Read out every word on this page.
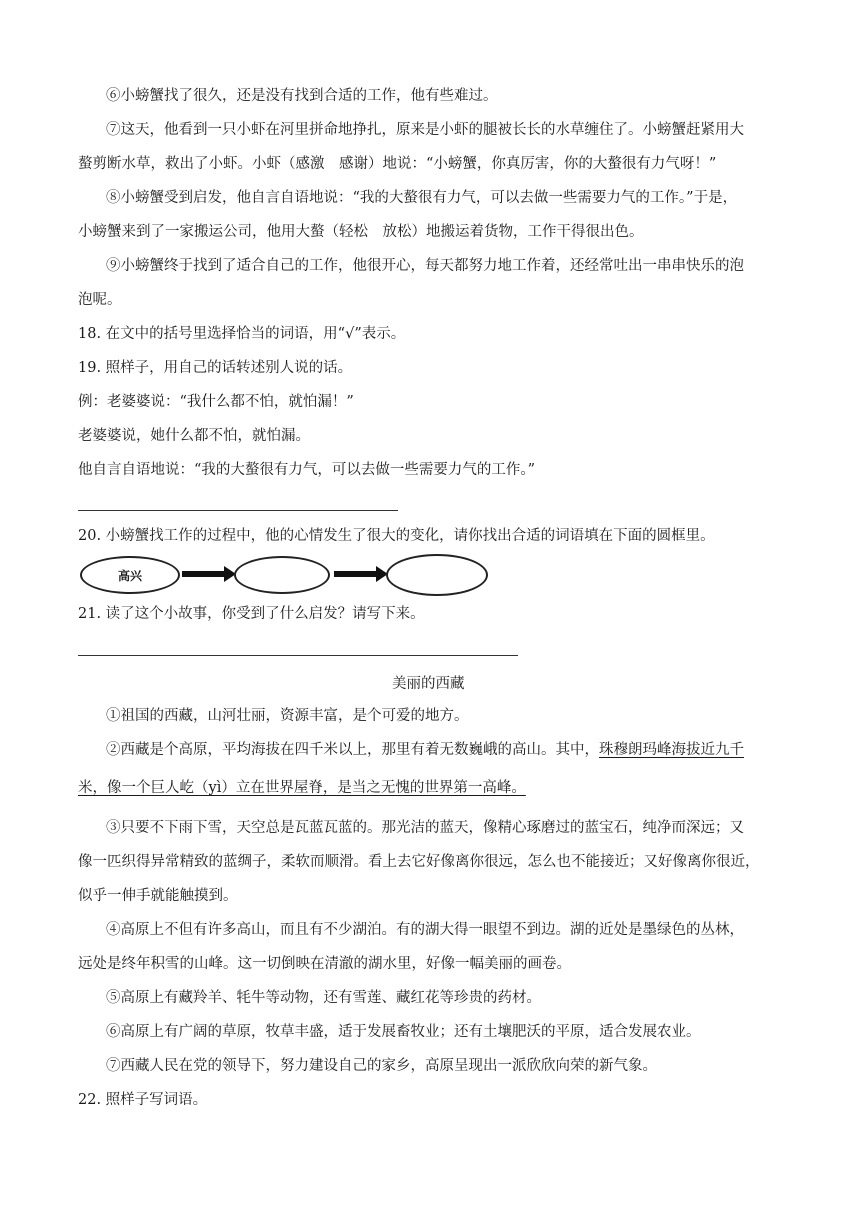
⑥小螃蟹找了很久，还是没有找到合适的工作，他有些难过。
⑦这天，他看到一只小虾在河里拼命地挣扎，原来是小虾的腿被长长的水草缠住了。小螃蟹赶紧用大
螯剪断水草，救出了小虾。小虾（感激　感谢）地说：“小螃蟹，你真厉害，你的大螯很有力气呀！”
⑧小螃蟹受到启发，他自言自语地说：“我的大螯很有力气，可以去做一些需要力气的工作。”于是，
小螃蟹来到了一家搬运公司，他用大螯（轻松　放松）地搬运着货物，工作干得很出色。
⑨小螃蟹终于找到了适合自己的工作，他很开心，每天都努力地工作着，还经常吐出一串串快乐的泡
泡呢。
18. 在文中的括号里选择恰当的词语，用“√”表示。
19. 照样子，用自己的话转述别人说的话。
例：老婆婆说：“我什么都不怕，就怕漏！”
老婆婆说，她什么都不怕，就怕漏。
他自言自语地说：“我的大螯很有力气，可以去做一些需要力气的工作。”
20. 小螃蟹找工作的过程中，他的心情发生了很大的变化，请你找出合适的词语填在下面的圆框里。
高兴
21. 读了这个小故事，你受到了什么启发？请写下来。
美丽的西藏
①祖国的西藏，山河壮丽，资源丰富，是个可爱的地方。
②西藏是个高原，平均海拔在四千米以上，那里有着无数巍峨的高山。其中，珠穆朗玛峰海拔近九千
米，像一个巨人屹（yì）立在世界屋脊，是当之无愧的世界第一高峰。
③只要不下雨下雪，天空总是瓦蓝瓦蓝的。那光洁的蓝天，像精心琢磨过的蓝宝石，纯净而深远；又
像一匹织得异常精致的蓝绸子，柔软而顺滑。看上去它好像离你很远，怎么也不能接近；又好像离你很近，
似乎一伸手就能触摸到。
④高原上不但有许多高山，而且有不少湖泊。有的湖大得一眼望不到边。湖的近处是墨绿色的丛林，
远处是终年积雪的山峰。这一切倒映在清澈的湖水里，好像一幅美丽的画卷。
⑤高原上有藏羚羊、牦牛等动物，还有雪莲、藏红花等珍贵的药材。
⑥高原上有广阔的草原，牧草丰盛，适于发展畜牧业；还有土壤肥沃的平原，适合发展农业。
⑦西藏人民在党的领导下，努力建设自己的家乡，高原呈现出一派欣欣向荣的新气象。
22. 照样子写词语。
